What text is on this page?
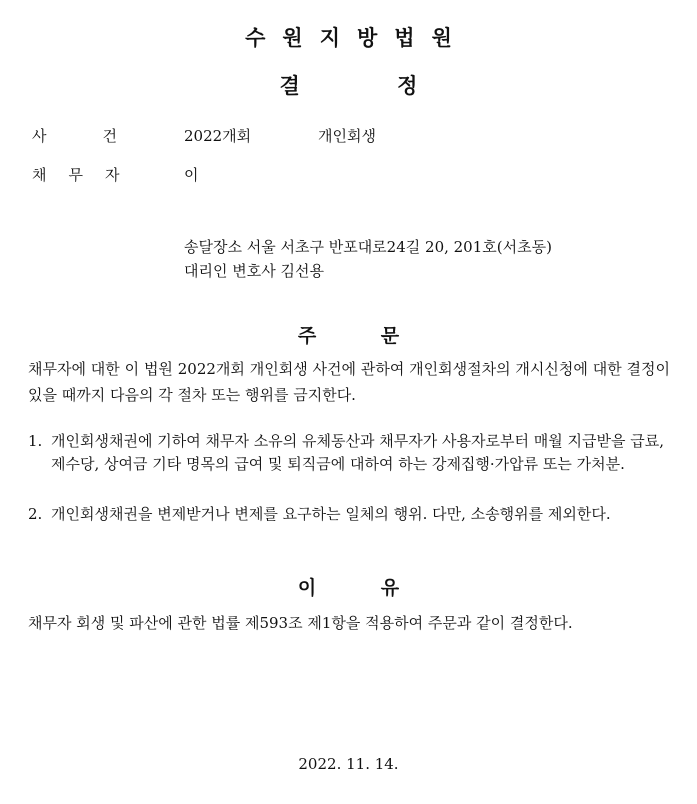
수원지방법원
결 정
사건 2022개회	개인회생
채무자	이
송달장소 서울 서초구 반포대로24길 20, 201호(서초동)
대리인 변호사 김선용
주 문
채무자에 대한 이 법원 2022개회 개인회생 사건에 관하여 개인회생절차의 개시신청에 대한 결정이 있을 때까지 다음의 각 절차 또는 행위를 금지한다.
1. 개인회생채권에 기하여 채무자 소유의 유체동산과 채무자가 사용자로부터 매월 지급받을 급료, 제수당, 상여금 기타 명목의 급여 및 퇴직금에 대하여 하는 강제집행·가압류 또는 가처분.
2. 개인회생채권을 변제받거나 변제를 요구하는 일체의 행위. 다만, 소송행위를 제외한다.
이 유
채무자 회생 및 파산에 관한 법률 제593조 제1항을 적용하여 주문과 같이 결정한다.
2022. 11. 14.
